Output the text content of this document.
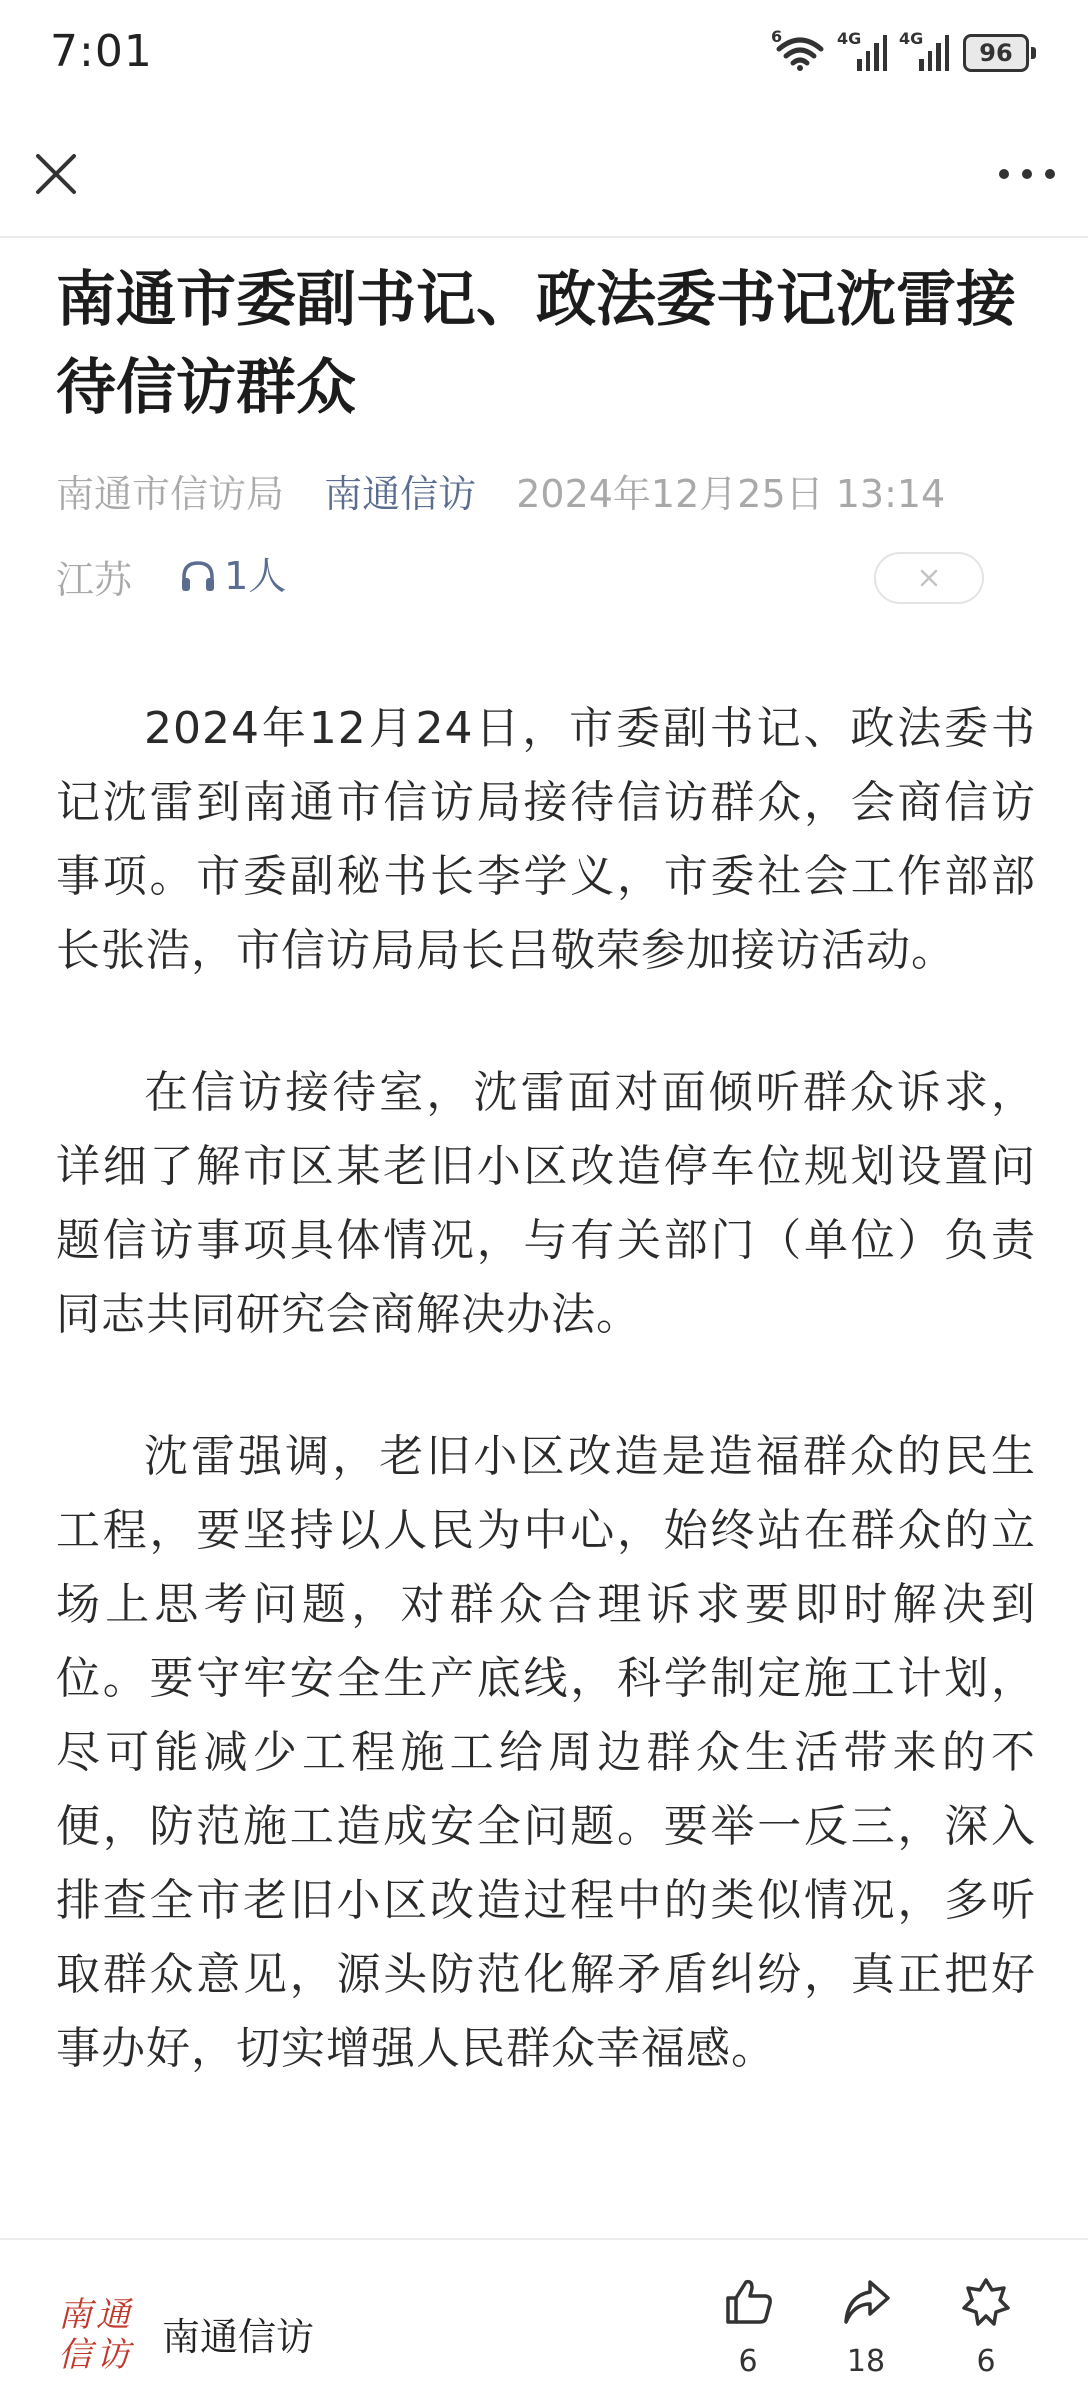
7:01	6	4G 4G
96
南通市委副书记、政法委书记沈雷接待信访群众
南通市信访局 南通信访 2024年12月25日 13:14
江苏 1人

2024年12月24日，市委副书记、政法委书记沈雷到南通市信访局接待信访群众，会商信访事项。市委副秘书长李学义，市委社会工作部部长张浩，市信访局局长吕敬荣参加接访活动。

在信访接待室，沈雷面对面倾听群众诉求，详细了解市区某老旧小区改造停车位规划设置问题信访事项具体情况，与有关部门（单位）负责同志共同研究会商解决办法。

沈雷强调，老旧小区改造是造福群众的民生工程，要坚持以人民为中心，始终站在群众的立场上思考问题，对群众合理诉求要即时解决到位。要守牢安全生产底线，科学制定施工计划，尽可能减少工程施工给周边群众生活带来的不便，防范施工造成安全问题。要举一反三，深入排查全市老旧小区改造过程中的类似情况，多听取群众意见，源头防范化解矛盾纠纷，真正把好事办好，切实增强人民群众幸福感。

南 通
信 访 南通信访
6	18	6
